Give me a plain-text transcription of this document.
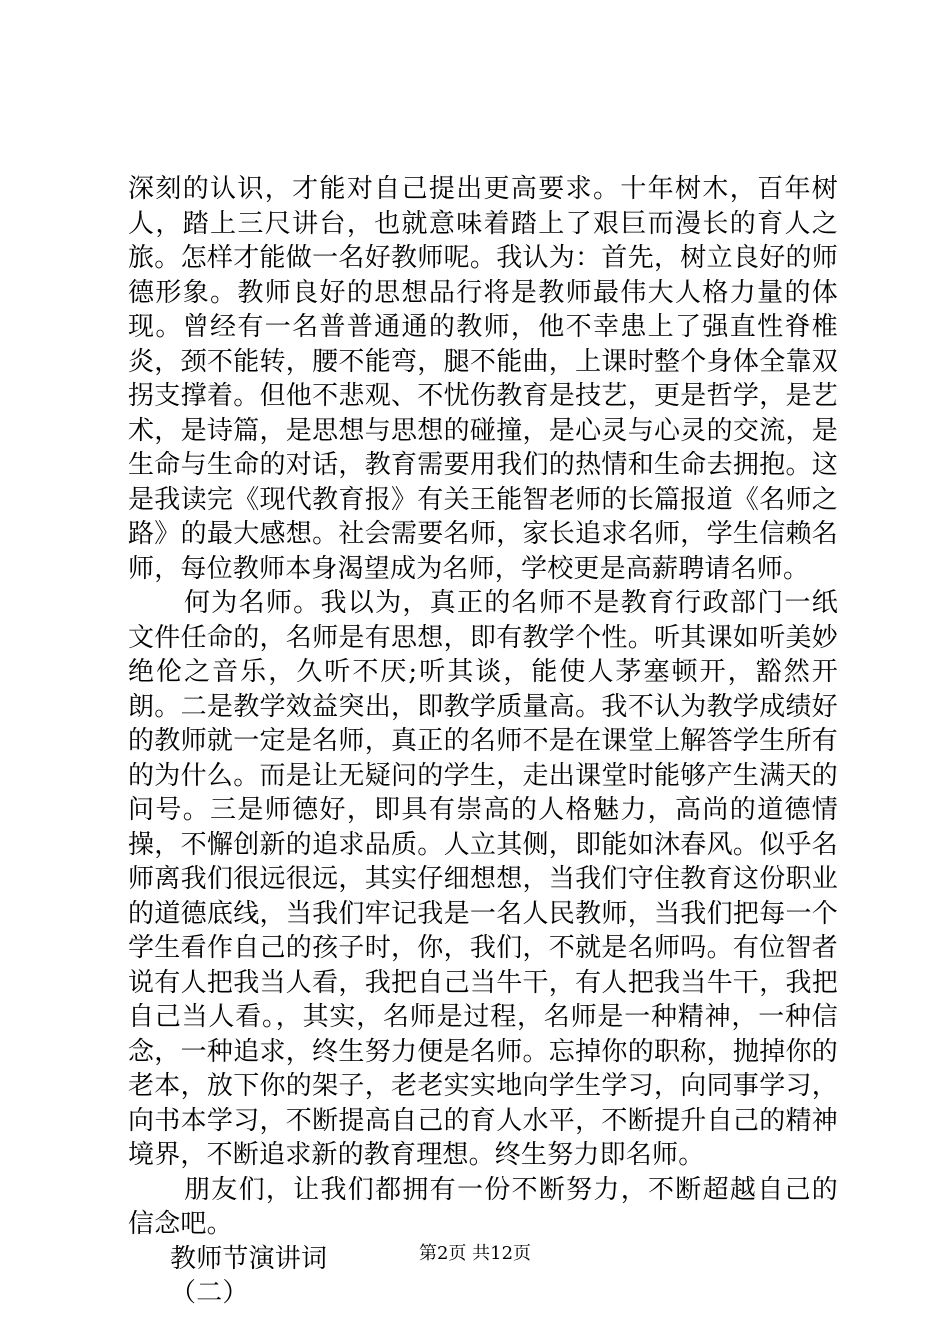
深刻的认识，才能对自己提出更高要求。十年树木，百年树人，踏上三尺讲台，也就意味着踏上了艰巨而漫长的育人之旅。怎样才能做一名好教师呢。我认为：首先，树立良好的师德形象。教师良好的思想品行将是教师最伟大人格力量的体现。曾经有一名普普通通的教师，他不幸患上了强直性脊椎炎，颈不能转，腰不能弯，腿不能曲，上课时整个身体全靠双拐支撑着。但他不悲观、不忧伤教育是技艺，更是哲学，是艺术，是诗篇，是思想与思想的碰撞，是心灵与心灵的交流，是生命与生命的对话，教育需要用我们的热情和生命去拥抱。这是我读完《现代教育报》有关王能智老师的长篇报道《名师之路》的最大感想。社会需要名师，家长追求名师，学生信赖名师，每位教师本身渴望成为名师，学校更是高薪聘请名师。

何为名师。我以为，真正的名师不是教育行政部门一纸文件任命的，名师是有思想，即有教学个性。听其课如听美妙绝伦之音乐，久听不厌;听其谈，能使人茅塞顿开，豁然开朗。二是教学效益突出，即教学质量高。我不认为教学成绩好的教师就一定是名师，真正的名师不是在课堂上解答学生所有的为什么。而是让无疑问的学生，走出课堂时能够产生满天的问号。三是师德好，即具有崇高的人格魅力，高尚的道德情操，不懈创新的追求品质。人立其侧，即能如沐春风。似乎名师离我们很远很远，其实仔细想想，当我们守住教育这份职业的道德底线，当我们牢记我是一名人民教师，当我们把每一个学生看作自己的孩子时，你，我们，不就是名师吗。有位智者说有人把我当人看，我把自己当牛干，有人把我当牛干，我把自己当人看。，其实，名师是过程，名师是一种精神，一种信念，一种追求，终生努力便是名师。忘掉你的职称，抛掉你的老本，放下你的架子，老老实实地向学生学习，向同事学习，向书本学习，不断提高自己的育人水平，不断提升自己的精神境界，不断追求新的教育理想。终生努力即名师。

朋友们，让我们都拥有一份不断努力，不断超越自己的信念吧。

教师节演讲词

（二）

第2页 共12页
